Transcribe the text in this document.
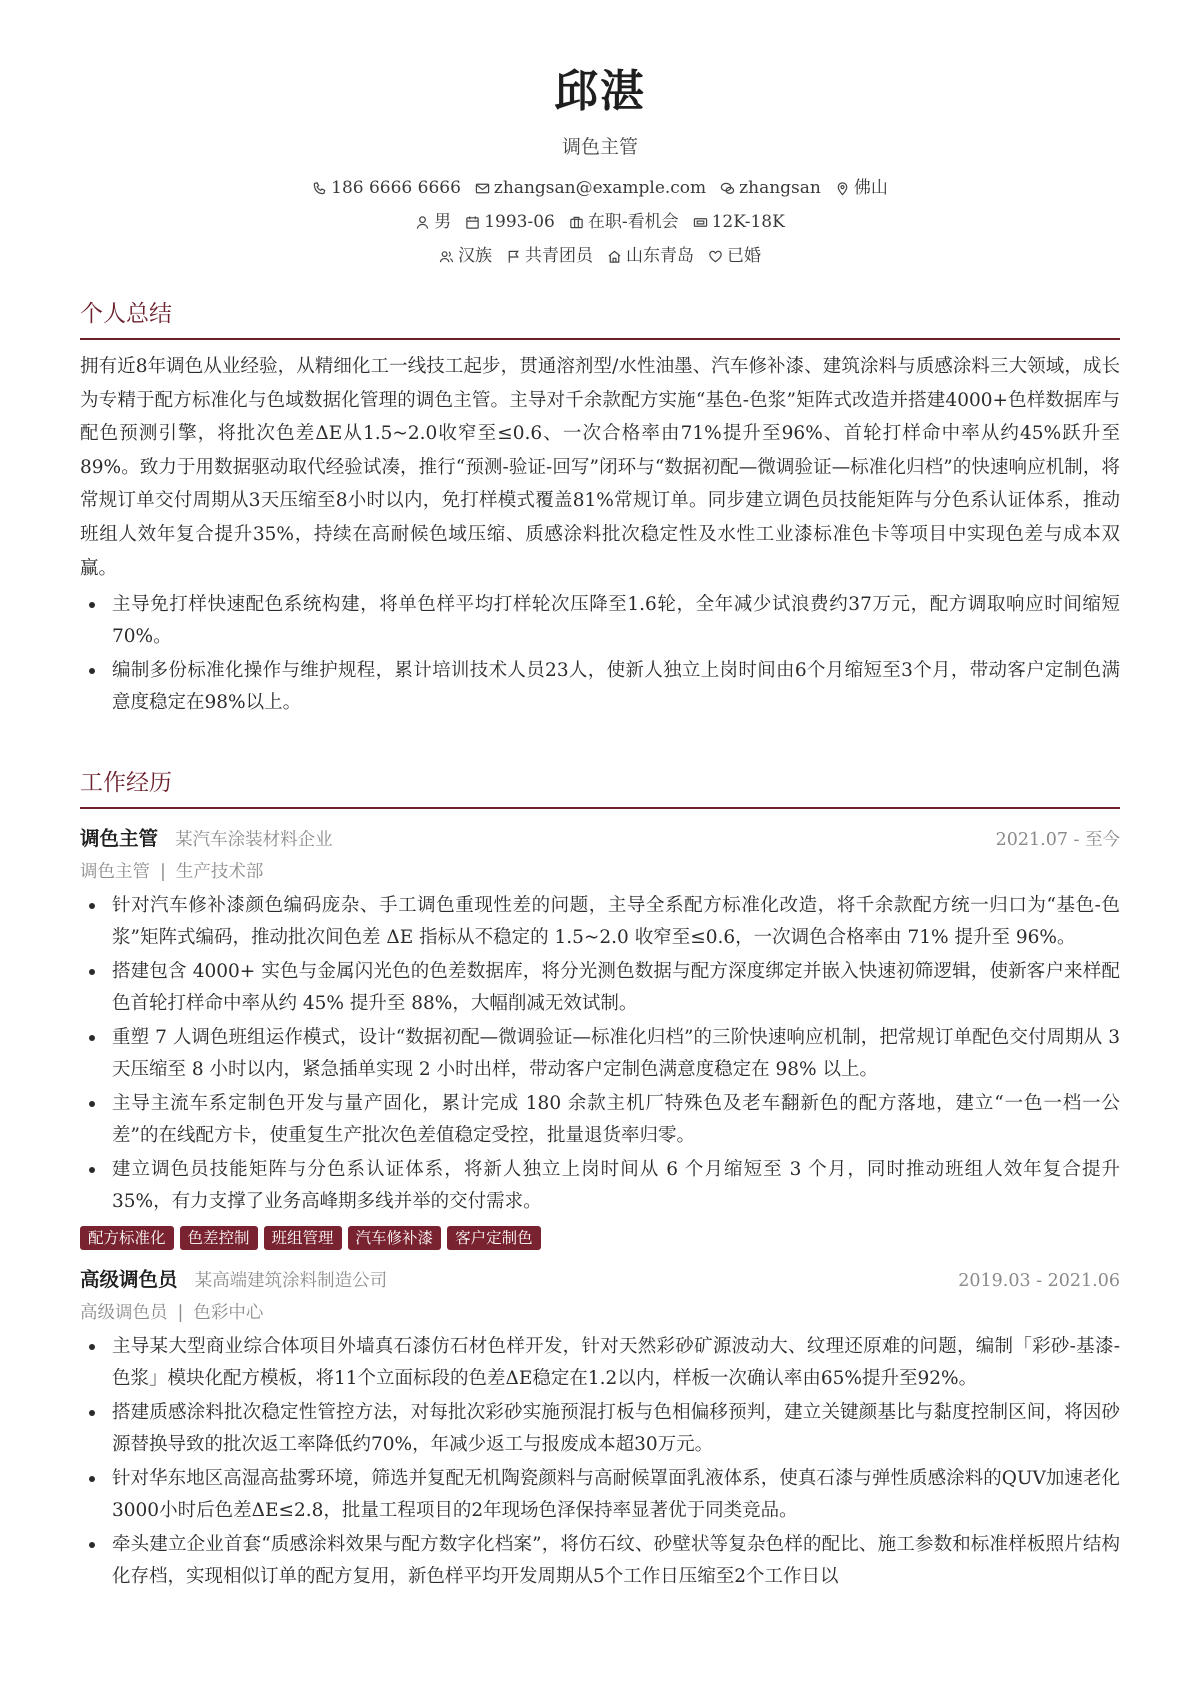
邱湛
调色主管
186 6666 6666 zhangsan@example.com zhangsan 佛山
男 1993-06 在职-看机会 12K-18K
汉族 共青团员 山东青岛 已婚
个人总结
拥有近8年调色从业经验，从精细化工一线技工起步，贯通溶剂型/水性油墨、汽车修补漆、建筑涂料与质感涂料三大领域，成长为专精于配方标准化与色域数据化管理的调色主管。主导对千余款配方实施“基色-色浆”矩阵式改造并搭建4000+色样数据库与配色预测引擎，将批次色差ΔE从1.5~2.0收窄至≤0.6、一次合格率由71%提升至96%、首轮打样命中率从约45%跃升至89%。致力于用数据驱动取代经验试凑，推行“预测-验证-回写”闭环与“数据初配—微调验证—标准化归档”的快速响应机制，将常规订单交付周期从3天压缩至8小时以内，免打样模式覆盖81%常规订单。同步建立调色员技能矩阵与分色系认证体系，推动班组人效年复合提升35%，持续在高耐候色域压缩、质感涂料批次稳定性及水性工业漆标准色卡等项目中实现色差与成本双赢。
主导免打样快速配色系统构建，将单色样平均打样轮次压降至1.6轮，全年减少试浪费约37万元，配方调取响应时间缩短70%。
编制多份标准化操作与维护规程，累计培训技术人员23人，使新人独立上岗时间由6个月缩短至3个月，带动客户定制色满意度稳定在98%以上。
工作经历
调色主管 某汽车涂装材料企业	2021.07 - 至今
调色主管 | 生产技术部
针对汽车修补漆颜色编码庞杂、手工调色重现性差的问题，主导全系配方标准化改造，将千余款配方统一归口为“基色-色浆”矩阵式编码，推动批次间色差 ΔE 指标从不稳定的 1.5~2.0 收窄至≤0.6，一次调色合格率由 71% 提升至 96%。
搭建包含 4000+ 实色与金属闪光色的色差数据库，将分光测色数据与配方深度绑定并嵌入快速初筛逻辑，使新客户来样配色首轮打样命中率从约 45% 提升至 88%，大幅削减无效试制。
重塑 7 人调色班组运作模式，设计“数据初配—微调验证—标准化归档”的三阶快速响应机制，把常规订单配色交付周期从 3 天压缩至 8 小时以内，紧急插单实现 2 小时出样，带动客户定制色满意度稳定在 98% 以上。
主导主流车系定制色开发与量产固化，累计完成 180 余款主机厂特殊色及老车翻新色的配方落地，建立“一色一档一公差”的在线配方卡，使重复生产批次色差值稳定受控，批量退货率归零。
建立调色员技能矩阵与分色系认证体系，将新人独立上岗时间从 6 个月缩短至 3 个月，同时推动班组人效年复合提升 35%，有力支撑了业务高峰期多线并举的交付需求。
配方标准化	色差控制	班组管理	汽车修补漆	客户定制色
高级调色员 某高端建筑涂料制造公司	2019.03 - 2021.06
高级调色员 | 色彩中心
主导某大型商业综合体项目外墙真石漆仿石材色样开发，针对天然彩砂矿源波动大、纹理还原难的问题，编制「彩砂-基漆-色浆」模块化配方模板，将11个立面标段的色差ΔE稳定在1.2以内，样板一次确认率由65%提升至92%。
搭建质感涂料批次稳定性管控方法，对每批次彩砂实施预混打板与色相偏移预判，建立关键颜基比与黏度控制区间，将因砂源替换导致的批次返工率降低约70%，年减少返工与报废成本超30万元。
针对华东地区高湿高盐雾环境，筛选并复配无机陶瓷颜料与高耐候罩面乳液体系，使真石漆与弹性质感涂料的QUV加速老化3000小时后色差ΔE≤2.8，批量工程项目的2年现场色泽保持率显著优于同类竞品。
牵头建立企业首套“质感涂料效果与配方数字化档案”，将仿石纹、砂壁状等复杂色样的配比、施工参数和标准样板照片结构化存档，实现相似订单的配方复用，新色样平均开发周期从5个工作日压缩至2个工作日以
